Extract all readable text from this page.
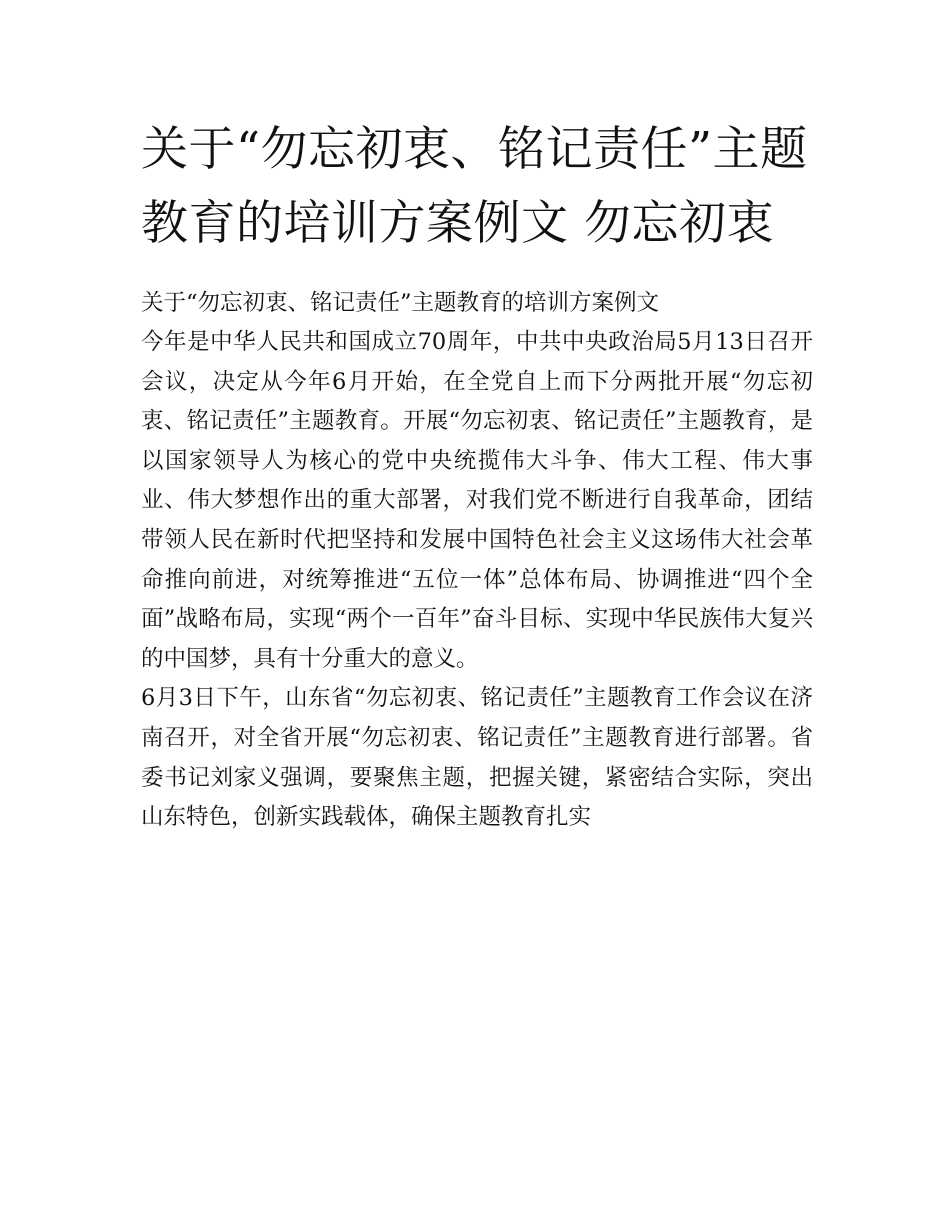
关于“勿忘初衷、铭记责任”主题教育的培训方案例文 勿忘初衷

关于“勿忘初衷、铭记责任”主题教育的培训方案例文

今年是中华人民共和国成立70周年，中共中央政治局5月13日召开会议，决定从今年6月开始，在全党自上而下分两批开展“勿忘初衷、铭记责任”主题教育。开展“勿忘初衷、铭记责任”主题教育，是以国家领导人为核心的党中央统揽伟大斗争、伟大工程、伟大事业、伟大梦想作出的重大部署，对我们党不断进行自我革命，团结带领人民在新时代把坚持和发展中国特色社会主义这场伟大社会革命推向前进，对统筹推进“五位一体”总体布局、协调推进“四个全面”战略布局，实现“两个一百年”奋斗目标、实现中华民族伟大复兴的中国梦，具有十分重大的意义。

6月3日下午，山东省“勿忘初衷、铭记责任”主题教育工作会议在济南召开，对全省开展“勿忘初衷、铭记责任”主题教育进行部署。省委书记刘家义强调，要聚焦主题，把握关键，紧密结合实际，突出山东特色，创新实践载体，确保主题教育扎实
